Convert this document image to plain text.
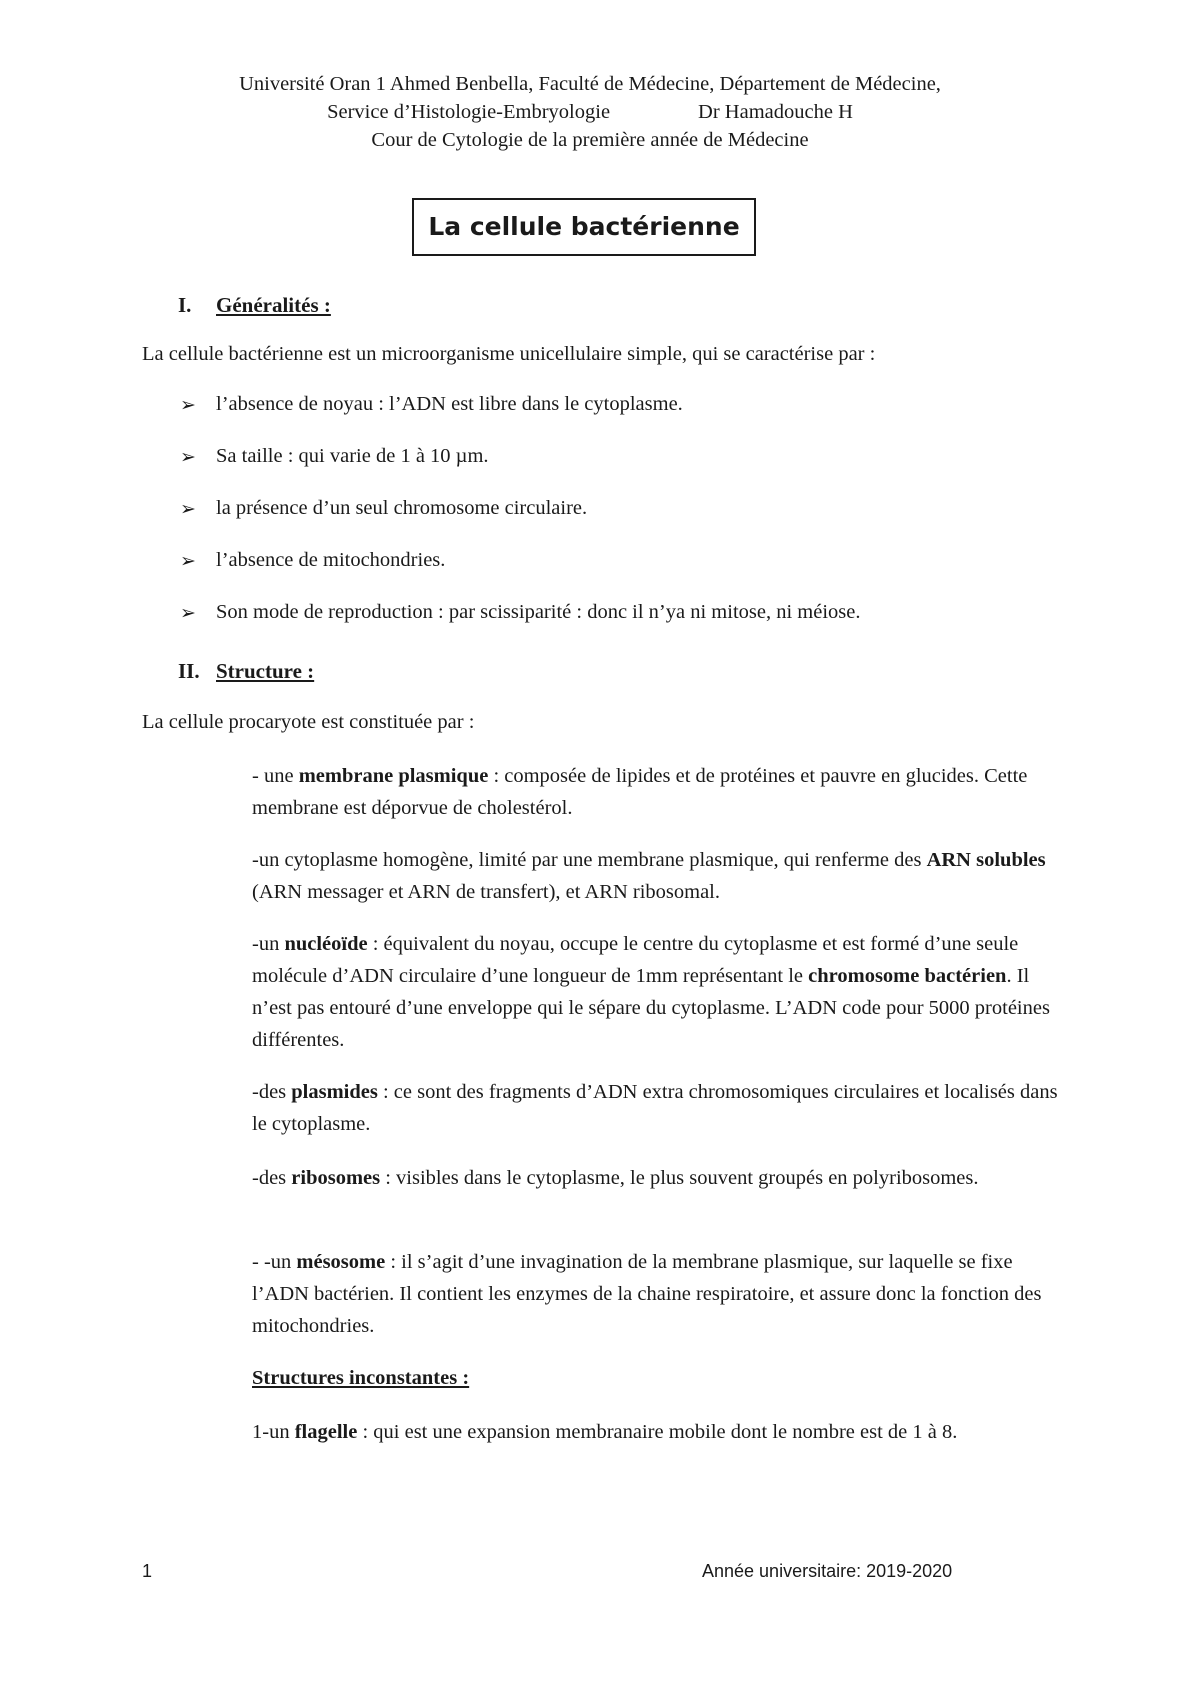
Université Oran 1 Ahmed Benbella, Faculté de Médecine, Département de Médecine,
Service d’Histologie-Embryologie	Dr Hamadouche H
Cour de Cytologie de la première année de Médecine
La cellule bactérienne
I. Généralités :
La cellule bactérienne est un microorganisme unicellulaire simple, qui se caractérise par :
➢ l’absence de noyau : l’ADN est libre dans le cytoplasme.
➢ Sa taille : qui varie de 1 à 10 µm.
➢ la présence d’un seul chromosome circulaire.
➢ l’absence de mitochondries.
➢ Son mode de reproduction : par scissiparité : donc il n’ya ni mitose, ni méiose.
II. Structure :
La cellule procaryote est constituée par :

- une membrane plasmique : composée de lipides et de protéines et pauvre en glucides. Cette membrane est déporvue de cholestérol.

-un cytoplasme homogène, limité par une membrane plasmique, qui renferme des ARN solubles (ARN messager et ARN de transfert), et ARN ribosomal.

-un nucléoïde : équivalent du noyau, occupe le centre du cytoplasme et est formé d’une seule molécule d’ADN circulaire d’une longueur de 1mm représentant le chromosome bactérien. Il n’est pas entouré d’une enveloppe qui le sépare du cytoplasme. L’ADN code pour 5000 protéines différentes.

-des plasmides : ce sont des fragments d’ADN extra chromosomiques circulaires et localisés dans le cytoplasme.

-des ribosomes : visibles dans le cytoplasme, le plus souvent groupés en polyribosomes.

- -un mésosome : il s’agit d’une invagination de la membrane plasmique, sur laquelle se fixe l’ADN bactérien. Il contient les enzymes de la chaine respiratoire, et assure donc la fonction des mitochondries.

Structures inconstantes :

1-un flagelle : qui est une expansion membranaire mobile dont le nombre est de 1 à 8.

1	Année universitaire: 2019-2020
